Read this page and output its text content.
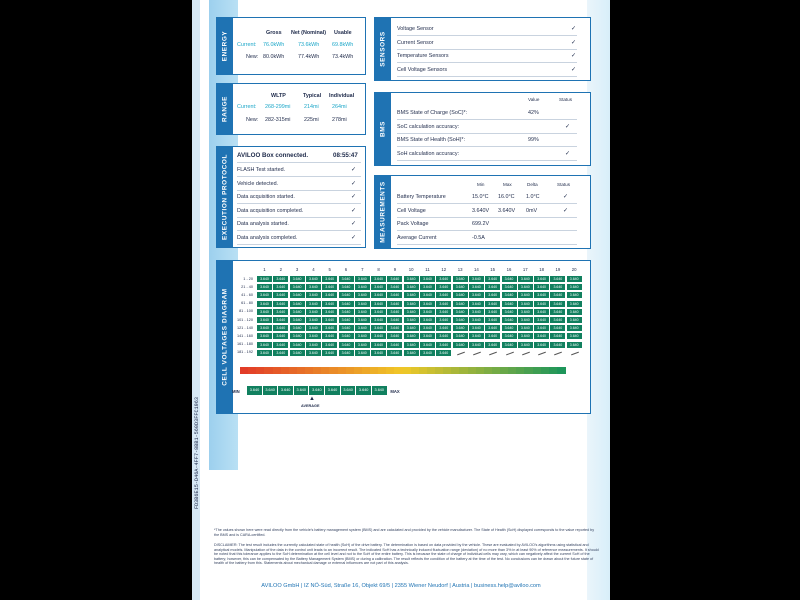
FD3B6E15-D46A-4FF7-8BB1-560D3FFC1963
ENERGY	Gross Net (Nominal) Usable
Current: 76.0kWh	73.6kWh 69.8kWh
New: 80.0kWh	77.4kWh 73.4kWh
RANGE	WLTP	Typical Individual
Current: 268-299mi	214mi 264mi
New: 282-315mi	225mi 278mi
EXECUTION PROTOCOL AVILOO Box connected.	08:55:47
FLASH Test started.	✓
Vehicle detected.	✓
Data acquisition started.	✓
Data acquisition completed.	✓
Data analysis started.	✓
Data analysis completed.	✓
SENSORS
Voltage Sensor	✓
Current Sensor	✓
Temperature Sensors	✓
Cell Voltage Sensors	✓
BMS
Value	Status
BMS State of Charge (SoC)*:	42%
SoC calculation accuracy:	✓
BMS State of Health (SoH)*:	99%
SoH calculation accuracy:	✓
MEASUREMENTS	Min	Max	Delta	Status
Battery Temperature	15.0°C 16.0°C 1.0°C	✓
Cell Voltage	3.640V 3.640V 0mV	✓
Pack Voltage	699.2V
Average Current	-0.5A
CELL VOLTAGES DIAGRAM
1	2	3	4	5	6	7	8	9	10	11	12	13	14	15	16	17	18	19	20
1 - 20	3.640	3.640	3.640	3.640	3.640	3.640	3.640	3.640	3.640	3.640	3.640	3.640	3.640	3.640	3.640	3.640	3.640	3.640	3.640	3.640
21 - 40	3.640	3.640	3.640	3.640	3.640	3.640	3.640	3.640	3.640	3.640	3.640	3.640	3.640	3.640	3.640	3.640	3.640	3.640	3.640	3.640
41 - 60	3.640	3.640	3.640	3.640	3.640	3.640	3.640	3.640	3.640	3.640	3.640	3.640	3.640	3.640	3.640	3.640	3.640	3.640	3.640	3.640
61 - 80	3.640	3.640	3.640	3.640	3.640	3.640	3.640	3.640	3.640	3.640	3.640	3.640	3.640	3.640	3.640	3.640	3.640	3.640	3.640	3.640
81 - 100	3.640	3.640	3.640	3.640	3.640	3.640	3.640	3.640	3.640	3.640	3.640	3.640	3.640	3.640	3.640	3.640	3.640	3.640	3.640	3.640
101 - 120	3.640	3.640	3.640	3.640	3.640	3.640	3.640	3.640	3.640	3.640	3.640	3.640	3.640	3.640	3.640	3.640	3.640	3.640	3.640	3.640
121 - 140	3.640	3.640	3.640	3.640	3.640	3.640	3.640	3.640	3.640	3.640	3.640	3.640	3.640	3.640	3.640	3.640	3.640	3.640	3.640	3.640
141 - 160	3.640	3.640	3.640	3.640	3.640	3.640	3.640	3.640	3.640	3.640	3.640	3.640	3.640	3.640	3.640	3.640	3.640	3.640	3.640	3.640
161 - 180	3.640	3.640	3.640	3.640	3.640	3.640	3.640	3.640	3.640	3.640	3.640	3.640	3.640	3.640	3.640	3.640	3.640	3.640	3.640	3.640
181 - 192	3.640	3.640	3.640	3.640	3.640	3.640	3.640	3.640	3.640	3.640	3.640	3.640
MIN	3.640	3.640	3.640	3.640	3.640	3.640	3.640	3.640	3.640	MAX
▲
AVERAGE
*The values shown here were read directly from the vehicle's battery management system (BMS) and are calculated and provided by the vehicle manufacturer. The State of Health (SoH) displayed corresponds to the value reported by the BMS and is CARA-certified.
DISCLAIMER: The test result includes the currently calculated state of health (SoH) of the drive battery. The determination is based on data provided by the vehicle. These are evaluated by AVILOO's algorithms using statistical and analytical models. Manipulation of the data in the control unit leads to an incorrect result. The indicated SoH has a technically induced fluctuation range (deviation) of no more than 3% in at least 90% of reference measurements. It should be noted that this tolerance applies to the SoH determination at the cell level and not to the SoH of the entire battery. This is because the state of charge of individual cells may vary, which can negatively affect the current SoH of the battery; however, this can be compensated by the Battery Management System (BMS) or during a calibration. The result reflects the condition of the battery at the time of the test. No conclusions can be drawn about the future state of health of the battery from this. Statements about mechanical damage or external influences are not part of this analysis.
AVILOO GmbH | IZ NÖ-Süd, Straße 16, Objekt 69/5 | 2355 Wiener Neudorf | Austria | business.help@aviloo.com
